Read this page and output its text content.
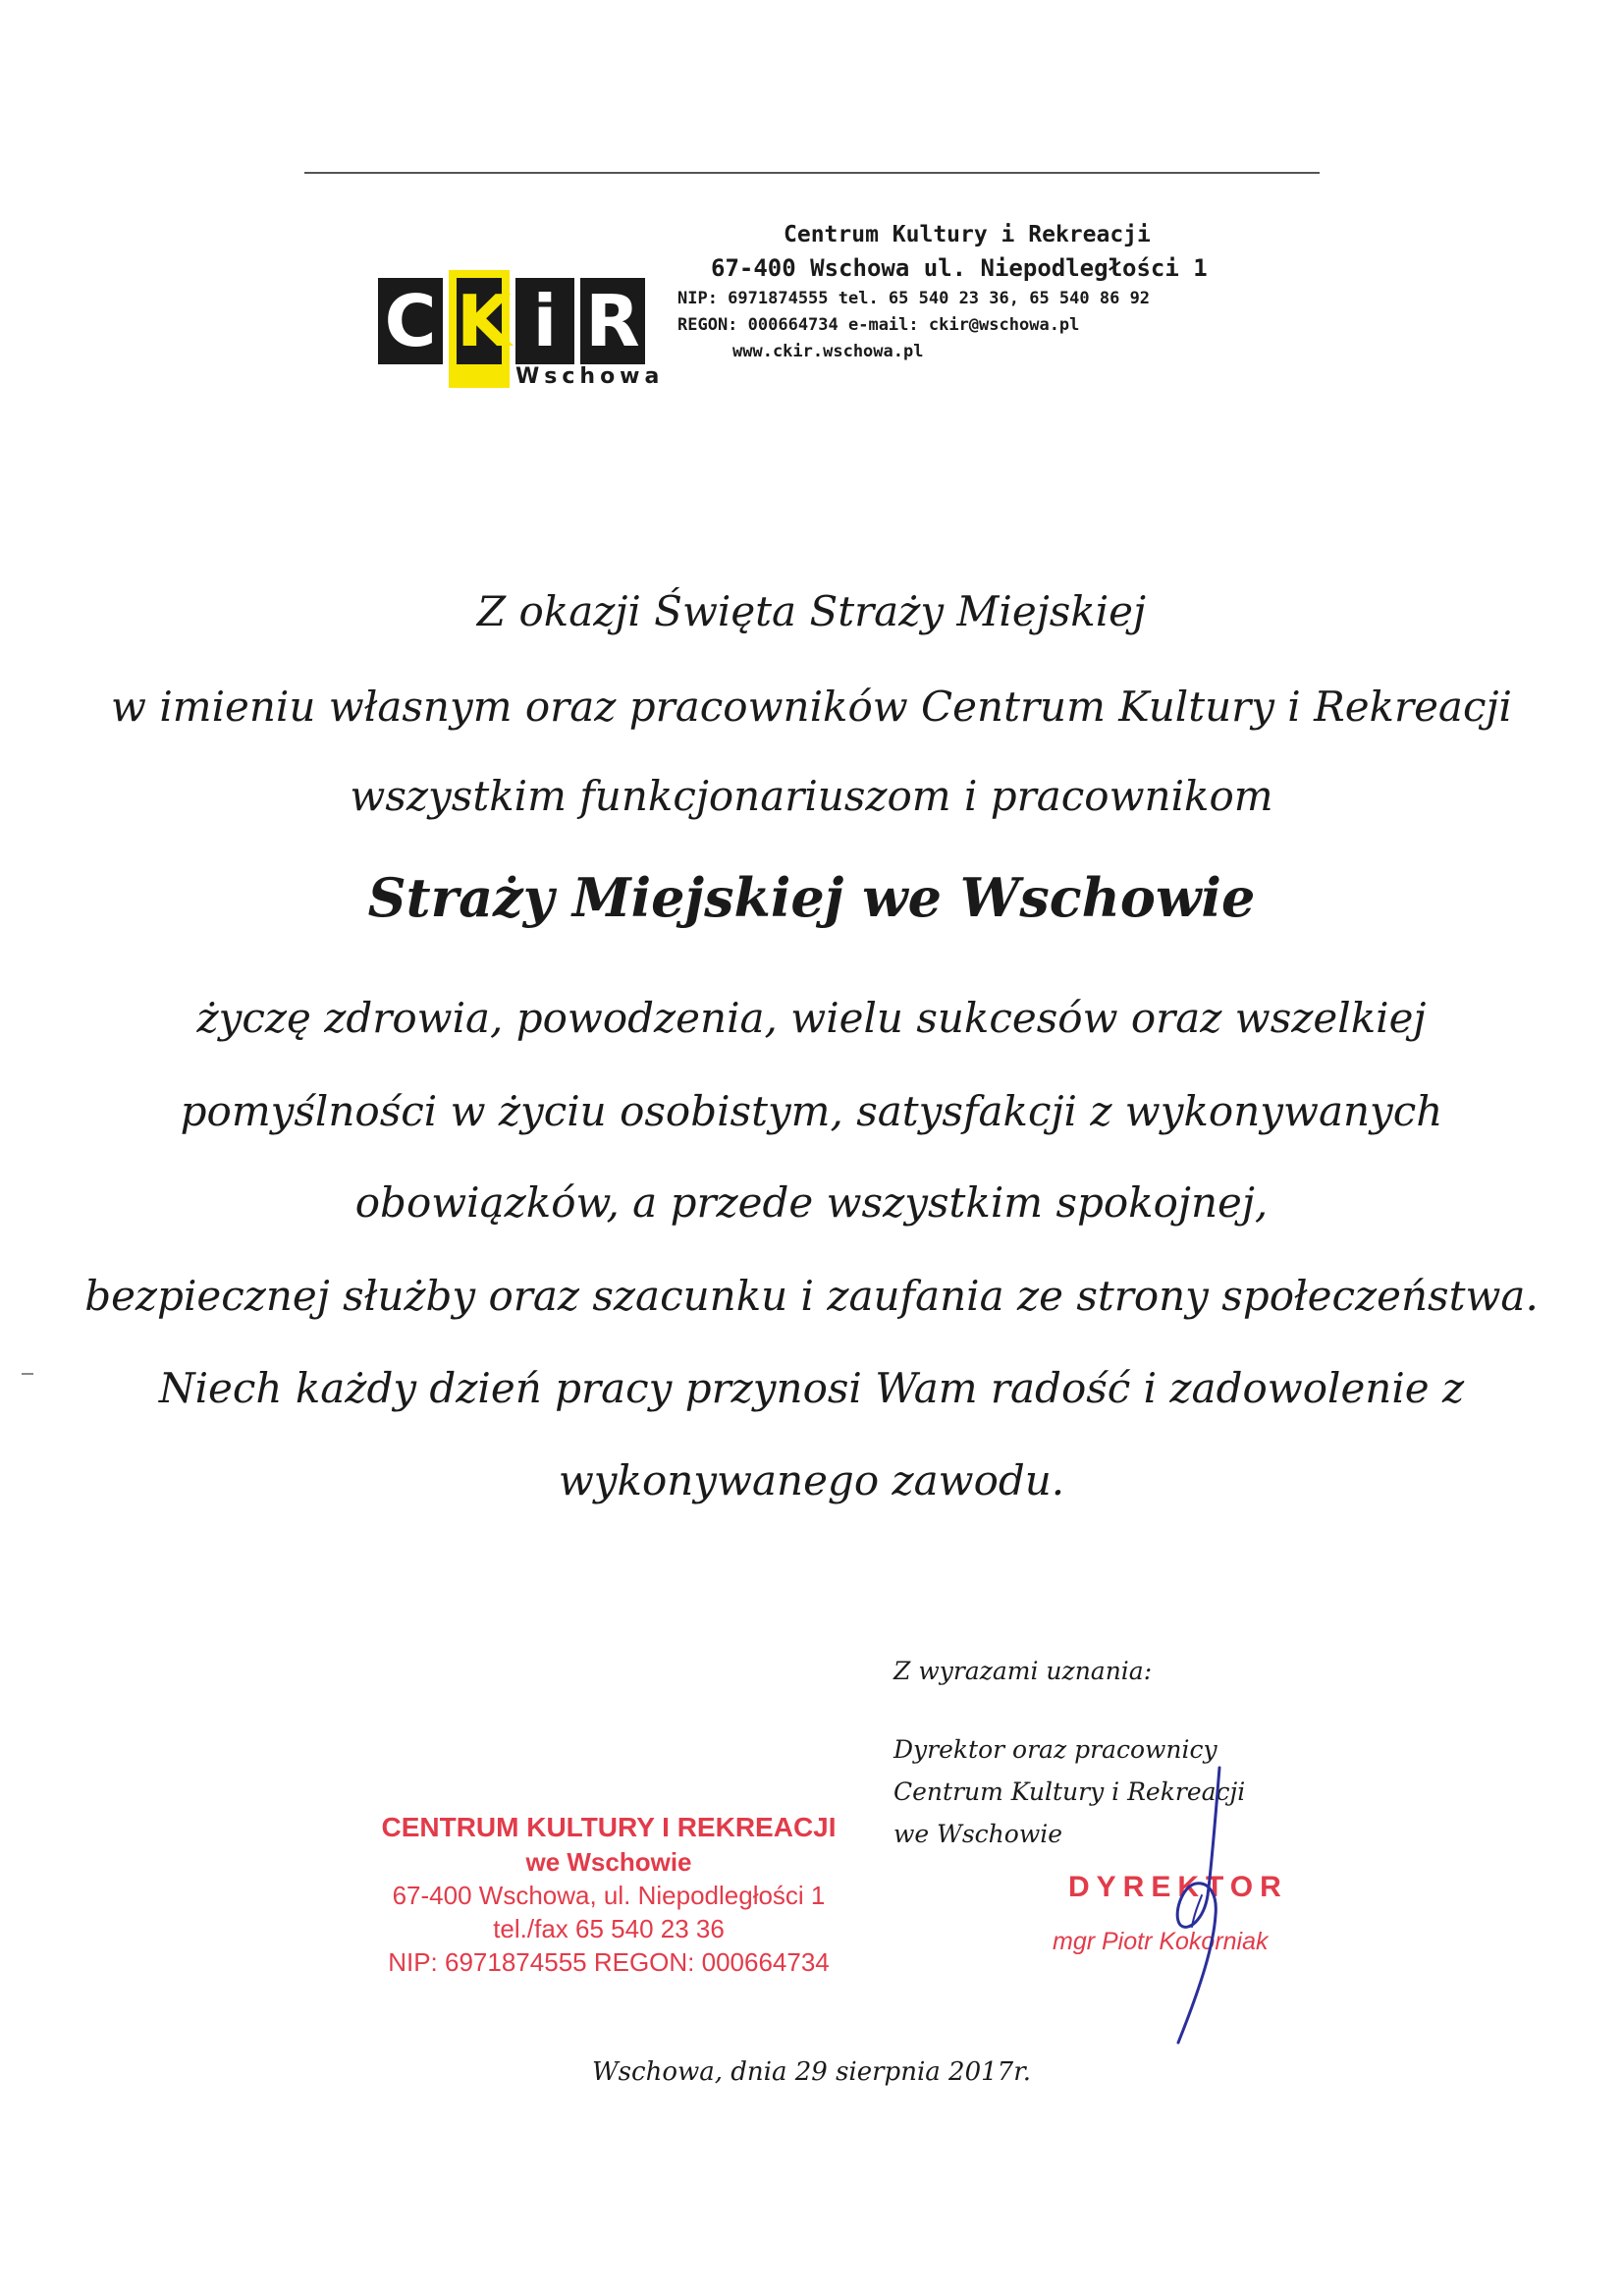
C K i R
Wschowa
Centrum Kultury i Rekreacji
67-400 Wschowa ul. Niepodległości 1
NIP: 6971874555 tel. 65 540 23 36, 65 540 86 92
REGON: 000664734 e-mail: ckir@wschowa.pl
www.ckir.wschowa.pl
Z okazji Święta Straży Miejskiej
w imieniu własnym oraz pracowników Centrum Kultury i Rekreacji
wszystkim funkcjonariuszom i pracownikom
Straży Miejskiej we Wschowie
życzę zdrowia, powodzenia, wielu sukcesów oraz wszelkiej
pomyślności w życiu osobistym, satysfakcji z wykonywanych
obowiązków, a przede wszystkim spokojnej,
bezpiecznej służby oraz szacunku i zaufania ze strony społeczeństwa.
Niech każdy dzień pracy przynosi Wam radość i zadowolenie z
wykonywanego zawodu.
CENTRUM KULTURY I REKREACJI
we Wschowie
67-400 Wschowa, ul. Niepodległości 1
tel./fax 65 540 23 36
NIP: 6971874555 REGON: 000664734
Z wyrazami uznania:
Dyrektor oraz pracownicy
Centrum Kultury i Rekreacji
we Wschowie
DYREKTOR
mgr Piotr Kokorniak
Wschowa, dnia 29 sierpnia 2017r.
